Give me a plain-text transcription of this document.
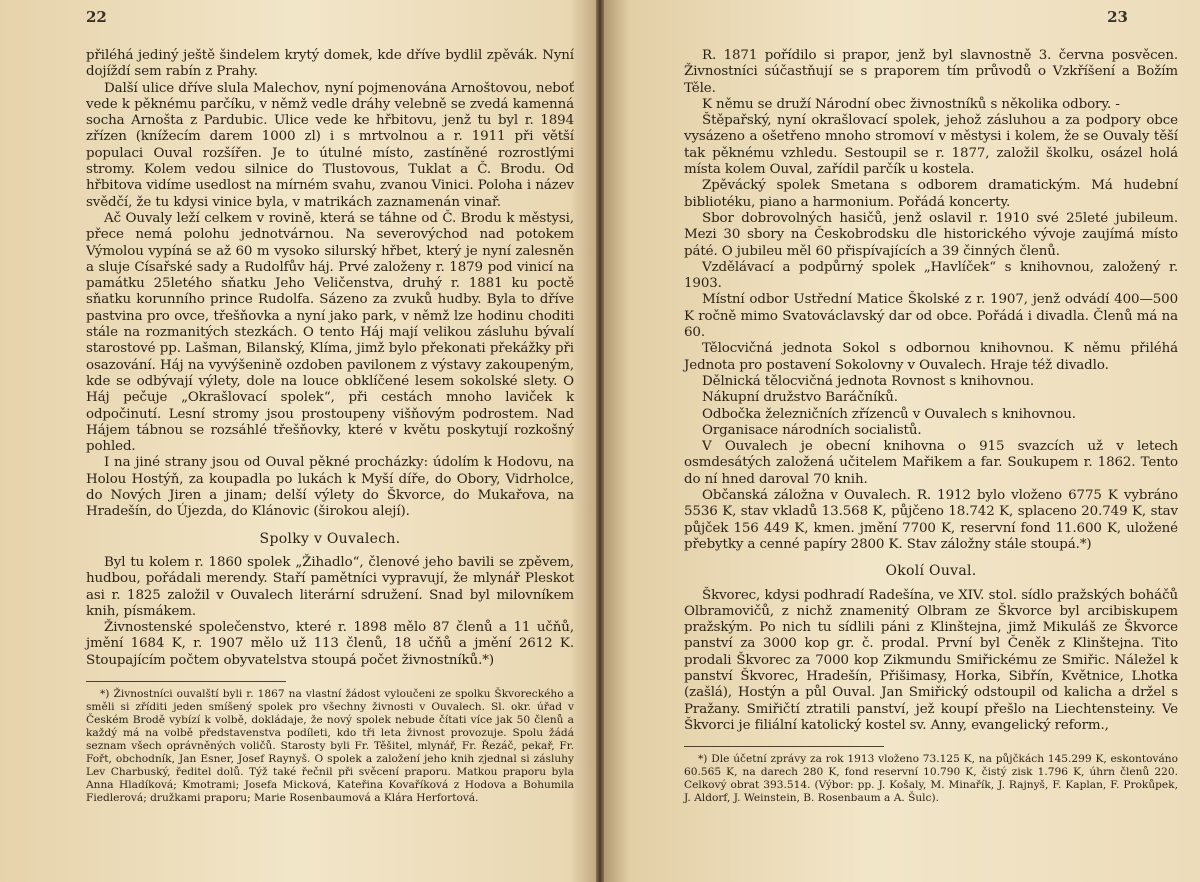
22

přiléhá jediný ještě šindelem krytý domek, kde dříve bydlil zpěvák. Nyní dojíždí sem rabín z Prahy.

Další ulice dříve slula Malechov, nyní pojmenována Arnoštovou, neboť vede k pěknému parčíku, v němž vedle dráhy velebně se zvedá kamenná socha Arnošta z Pardubic. Ulice vede ke hřbitovu, jenž tu byl r. 1894 zřízen (knížecím darem 1000 zl) i s mrtvolnou a r. 1911 při větší populaci Ouval rozšířen. Je to útulné místo, zastíněné rozrostlými stromy. Kolem vedou silnice do Tlustovous, Tuklat a Č. Brodu. Od hřbitova vidíme usedlost na mírném svahu, zvanou Vinici. Poloha i název svědčí, že tu kdysi vinice byla, v matrikách zaznamenán vinař.

Ač Ouvaly leží celkem v rovině, která se táhne od Č. Brodu k městysi, přece nemá polohu jednotvárnou. Na severovýchod nad potokem Výmolou vypíná se až 60 m vysoko silurský hřbet, který je nyní zalesněn a sluje Císařské sady a Rudolfův háj. Prvé založeny r. 1879 pod vinicí na památku 25letého sňatku Jeho Veličenstva, druhý r. 1881 ku poctě sňatku korunního prince Rudolfa. Sázeno za zvuků hudby. Byla to dříve pastvina pro ovce, třešňovka a nyní jako park, v němž lze hodinu choditi stále na rozmanitých stezkách. O tento Háj mají velikou zásluhu bývalí starostové pp. Lašman, Bilanský, Klíma, jimž bylo překonati překážky při osazování. Háj na vyvýšenině ozdoben pavilonem z výstavy zakoupeným, kde se odbývají výlety, dole na louce obklíčené lesem sokolské slety. O Háj pečuje „Okrašlovací spolek“, při cestách mnoho laviček k odpočinutí. Lesní stromy jsou prostoupeny višňovým podrostem. Nad Hájem tábnou se rozsáhlé třešňovky, které v květu poskytují rozkošný pohled.

I na jiné strany jsou od Ouval pěkné procházky: údolím k Hodovu, na Holou Hostýň, za koupadla po lukách k Myší díře, do Obory, Vidrholce, do Nových Jiren a jinam; delší výlety do Škvorce, do Mukařova, na Hradešín, do Újezda, do Klánovic (širokou alejí).

Spolky v Ouvalech.

Byl tu kolem r. 1860 spolek „Žihadlo“, členové jeho bavili se zpěvem, hudbou, pořádali merendy. Staří pamětníci vypravují, že mlynář Pleskot asi r. 1825 založil v Ouvalech literární sdružení. Snad byl milovníkem knih, písmákem.

Živnostenské společenstvo, které r. 1898 mělo 87 členů a 11 učňů, jmění 1684 K, r. 1907 mělo už 113 členů, 18 učňů a jmění 2612 K. Stoupajícím počtem obyvatelstva stoupá počet živnostníků.*)

*) Živnostníci ouvalští byli r. 1867 na vlastní žádost vyloučeni ze spolku Škvoreckého a směli si zříditi jeden smíšený spolek pro všechny živnosti v Ouvalech. Sl. okr. úřad v Českém Brodě vybízí k volbě, dokládaje, že nový spolek nebude čítati více jak 50 členů a každý má na volbě představenstva podíleti, kdo tři leta živnost provozuje. Spolu žádá seznam všech oprávněných voličů. Starosty byli Fr. Těšitel, mlynář, Fr. Řezáč, pekař, Fr. Fořt, obchodník, Jan Esner, Josef Raynyš. O spolek a založení jeho knih zjednal si zásluhy Lev Charbuský, ředitel dolů. Týž také řečnil při svěcení praporu. Matkou praporu byla Anna Hladíková; Kmotrami; Josefa Micková, Kateřina Kovaříková z Hodova a Bohumila Fiedlerová; družkami praporu; Marie Rosenbaumová a Klára Herfortová.

23

R. 1871 pořídilo si prapor, jenž byl slavnostně 3. června posvěcen. Živnostníci súčastňují se s praporem tím průvodů o Vzkříšení a Božím Těle.

K němu se druží Národní obec živnostníků s několika odbory. -

Štěpařský, nyní okrašlovací spolek, jehož zásluhou a za podpory obce vysázeno a ošetřeno mnoho stromoví v městysi i kolem, že se Ouvaly těší tak pěknému vzhledu. Sestoupil se r. 1877, založil školku, osázel holá místa kolem Ouval, zařídil parčík u kostela.

Zpěvácký spolek Smetana s odborem dramatickým. Má hudební bibliotéku, piano a harmonium. Pořádá koncerty.

Sbor dobrovolných hasičů, jenž oslavil r. 1910 své 25leté jubileum. Mezi 30 sbory na Českobrodsku dle historického vývoje zaujímá místo páté. O jubileu měl 60 přispívajících a 39 činných členů.

Vzdělávací a podpůrný spolek „Havlíček“ s knihovnou, založený r. 1903.

Místní odbor Ustřední Matice Školské z r. 1907, jenž odvádí 400—500 K ročně mimo Svatováclavský dar od obce. Pořádá i divadla. Členů má na 60.

Tělocvičná jednota Sokol s odbornou knihovnou. K němu přiléhá Jednota pro postavení Sokolovny v Ouvalech. Hraje též divadlo.

Dělnická tělocvičná jednota Rovnost s knihovnou.

Nákupní družstvo Baráčníků.

Odbočka železničních zřízenců v Ouvalech s knihovnou.

Organisace národních socialistů.

V Ouvalech je obecní knihovna o 915 svazcích už v letech osmdesátých založená učitelem Mařikem a far. Soukupem r. 1862. Tento do ní hned daroval 70 knih.

Občanská záložna v Ouvalech. R. 1912 bylo vloženo 6775 K vybráno 5536 K, stav vkladů 13.568 K, půjčeno 18.742 K, splaceno 20.749 K, stav půjček 156 449 K, kmen. jmění 7700 K, reservní fond 11.600 K, uložené přebytky a cenné papíry 2800 K. Stav záložny stále stoupá.*)

Okolí Ouval.

Škvorec, kdysi podhradí Radešína, ve XIV. stol. sídlo pražských boháčů Olbramovičů, z nichž znamenitý Olbram ze Škvorce byl arcibiskupem pražským. Po nich tu sídlili páni z Klinštejna, jimž Mikuláš ze Škvorce panství za 3000 kop gr. č. prodal. První byl Čeněk z Klinštejna. Tito prodali Škvorec za 7000 kop Zikmundu Smiřickému ze Smiřic. Náležel k panství Škvorec, Hradešín, Přišimasy, Horka, Sibřín, Květnice, Lhotka (zašlá), Hostýn a půl Ouval. Jan Smiřický odstoupil od kalicha a držel s Pražany. Smiřičtí ztratili panství, jež koupí přešlo na Liechtensteiny. Ve Škvorci je filiální katolický kostel sv. Anny, evangelický reform.,

*) Dle účetní zprávy za rok 1913 vloženo 73.125 K, na půjčkách 145.299 K, eskontováno 60.565 K, na darech 280 K, fond reservní 10.790 K, čistý zisk 1.796 K, úhrn členů 220. Celkový obrat 393.514. (Výbor: pp. J. Košaly, M. Minařík, J. Rajnyš, F. Kaplan, F. Prokůpek, J. Aldorf, J. Weinstein, B. Rosenbaum a A. Šulc).
